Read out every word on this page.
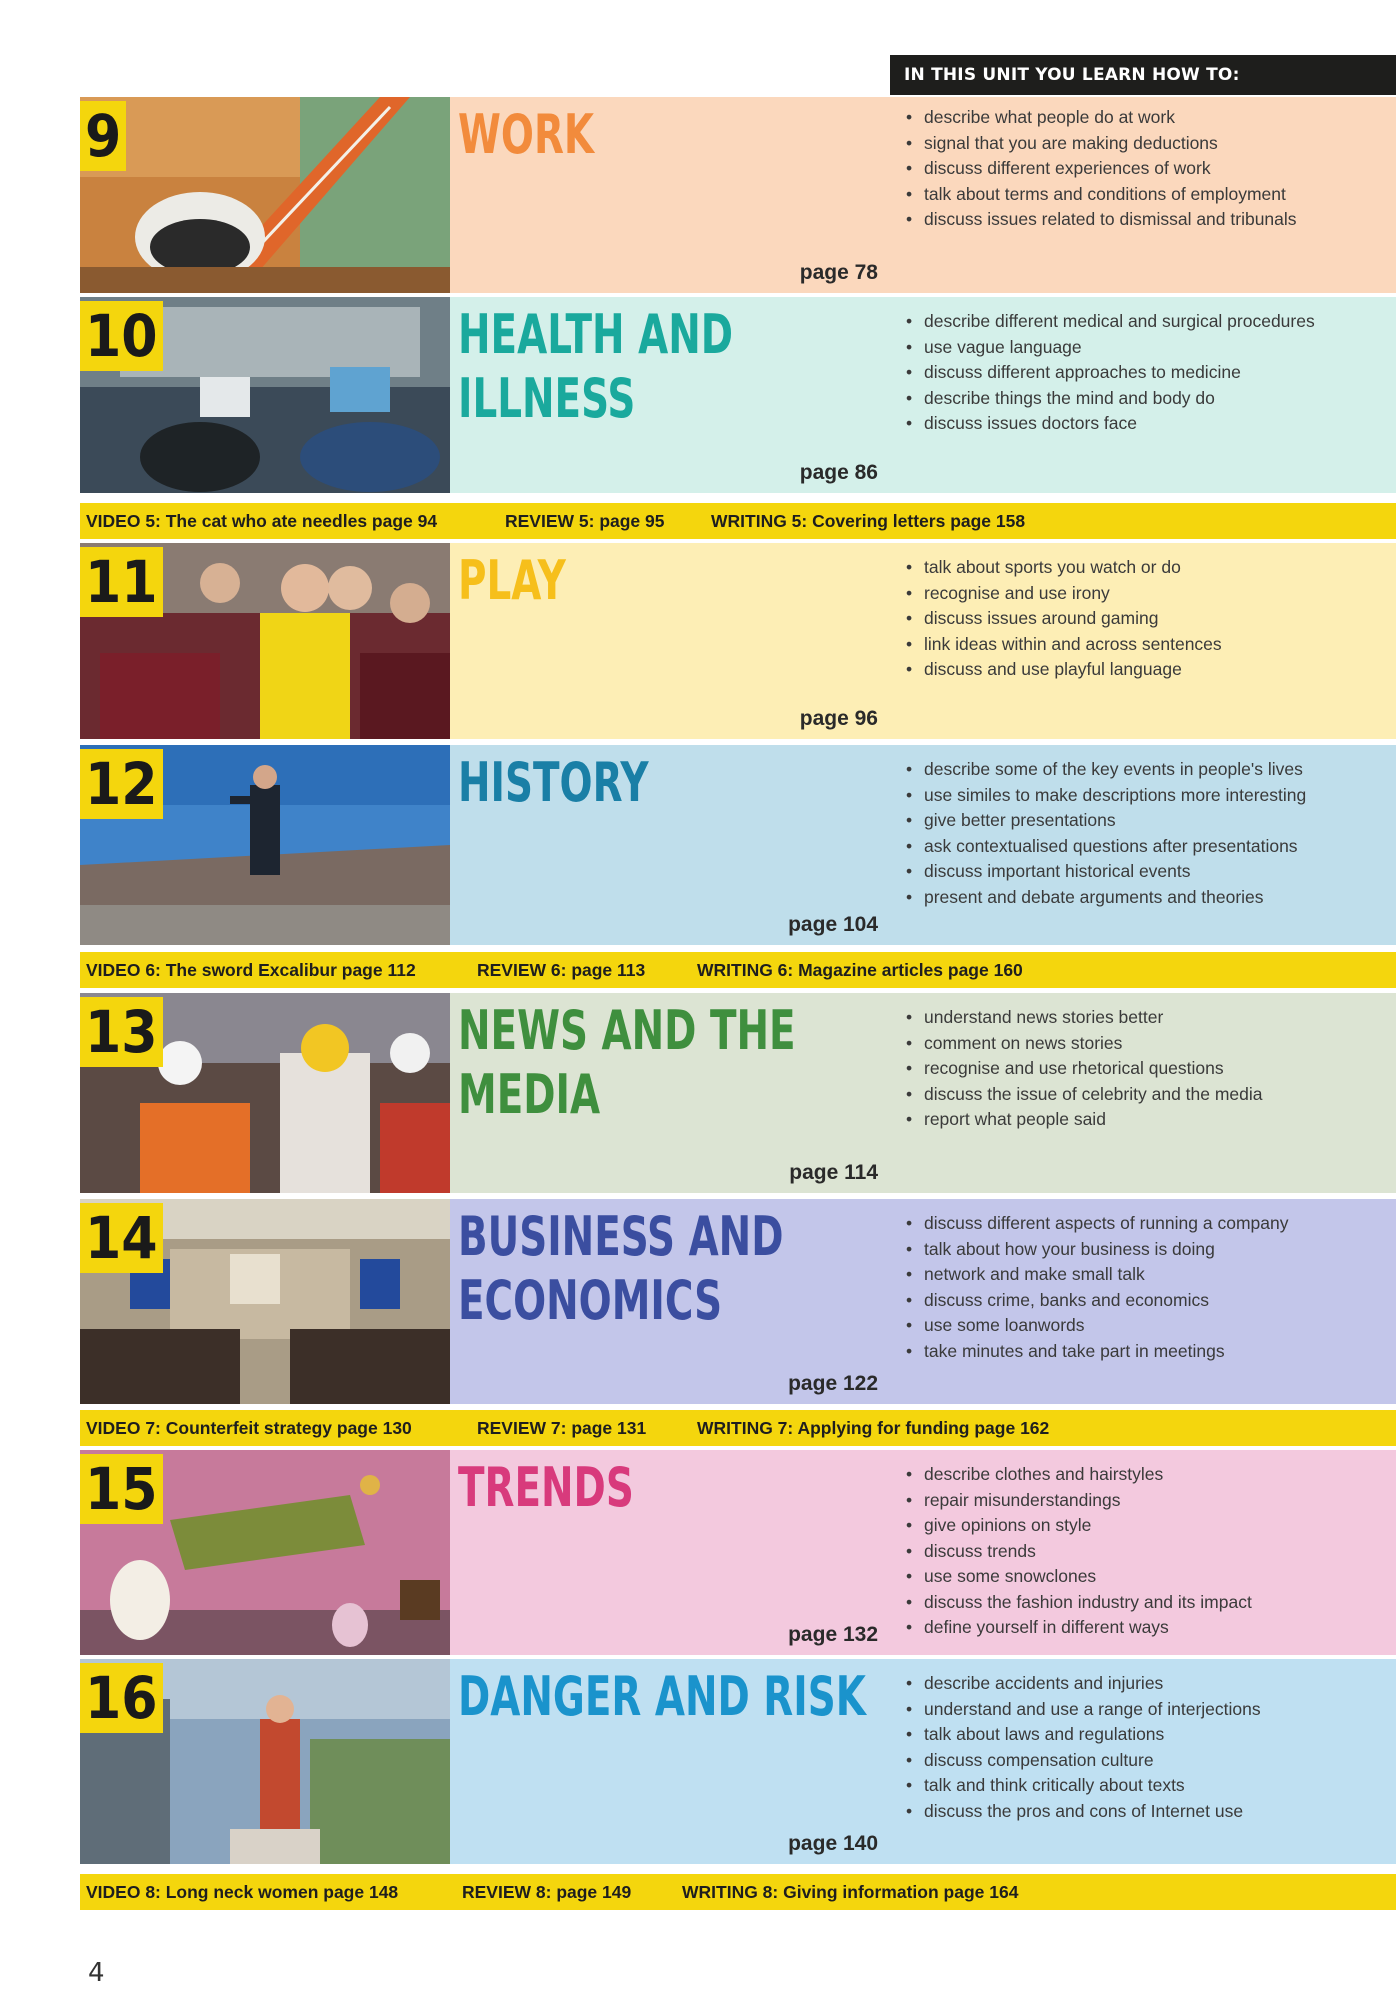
IN THIS UNIT YOU LEARN HOW TO:
9	WORK
page 78
• describe what people do at work
• signal that you are making deductions
• discuss different experiences of work
• talk about terms and conditions of employment
• discuss issues related to dismissal and tribunals
10	HEALTH AND
ILLNESS
page 86
• describe different medical and surgical procedures
• use vague language
• discuss different approaches to medicine
• describe things the mind and body do
• discuss issues doctors face
VIDEO 5: The cat who ate needles page 94	REVIEW 5: page 95	WRITING 5: Covering letters page 158
11	PLAY
page 96
• talk about sports you watch or do
• recognise and use irony
• discuss issues around gaming
• link ideas within and across sentences
• discuss and use playful language
12	HISTORY
page 104
• describe some of the key events in people's lives
• use similes to make descriptions more interesting
• give better presentations
• ask contextualised questions after presentations
• discuss important historical events
• present and debate arguments and theories
VIDEO 6: The sword Excalibur page 112	REVIEW 6: page 113	WRITING 6: Magazine articles page 160
13	NEWS AND THE
MEDIA
page 114
• understand news stories better
• comment on news stories
• recognise and use rhetorical questions
• discuss the issue of celebrity and the media
• report what people said
14	BUSINESS AND
ECONOMICS
page 122
• discuss different aspects of running a company
• talk about how your business is doing
• network and make small talk
• discuss crime, banks and economics
• use some loanwords
• take minutes and take part in meetings
VIDEO 7: Counterfeit strategy page 130	REVIEW 7: page 131	WRITING 7: Applying for funding page 162
15	TRENDS
page 132
• describe clothes and hairstyles
• repair misunderstandings
• give opinions on style
• discuss trends
• use some snowclones
• discuss the fashion industry and its impact
• define yourself in different ways
16	DANGER AND RISK
page 140
• describe accidents and injuries
• understand and use a range of interjections
• talk about laws and regulations
• discuss compensation culture
• talk and think critically about texts
• discuss the pros and cons of Internet use
VIDEO 8: Long neck women page 148	REVIEW 8: page 149	WRITING 8: Giving information page 164
4
